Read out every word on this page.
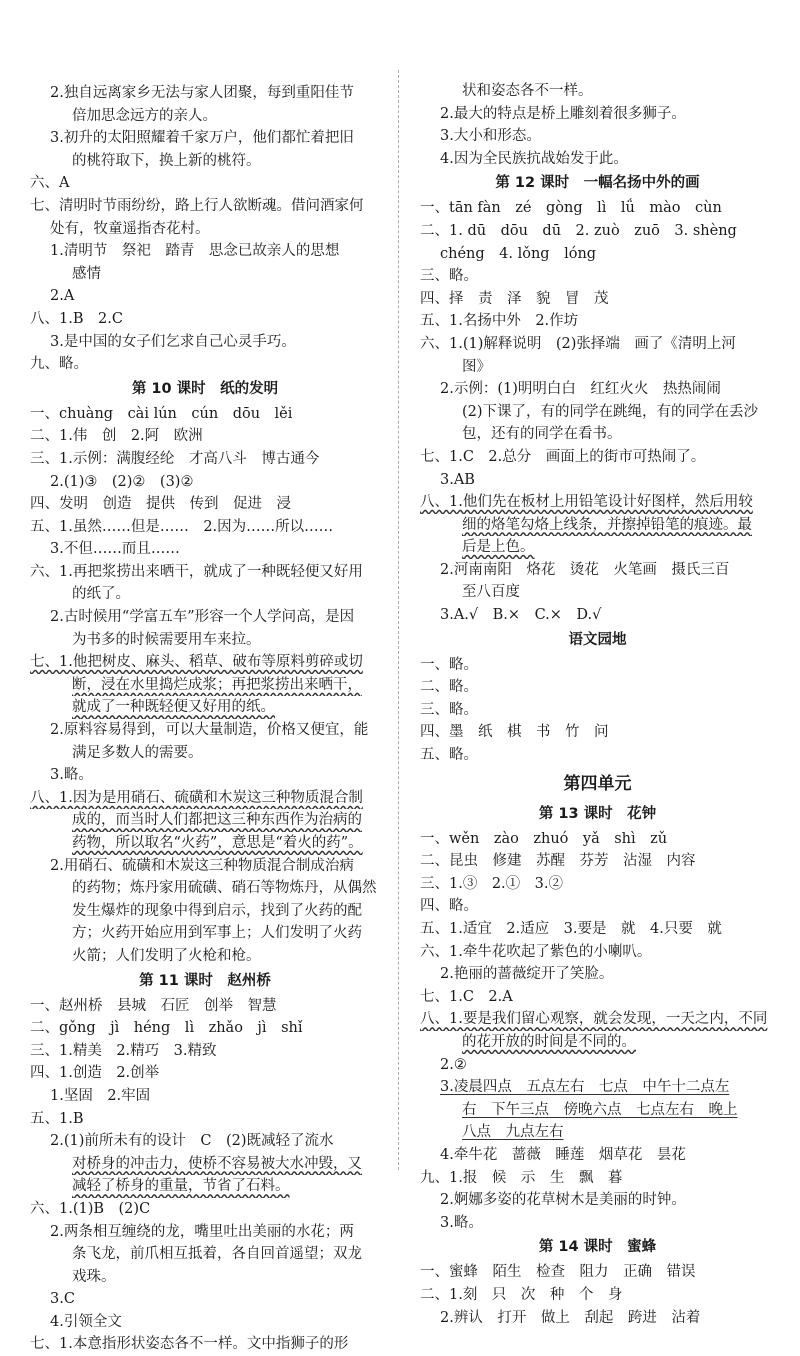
2.独自远离家乡无法与家人团聚，每到重阳佳节
倍加思念远方的亲人。
3.初升的太阳照耀着千家万户，他们都忙着把旧
的桃符取下，换上新的桃符。
六、A
七、清明时节雨纷纷，路上行人欲断魂。借问酒家何
处有，牧童遥指杏花村。
1.清明节　祭祀　踏青　思念已故亲人的思想
感情
2.A
八、1.B　2.C
3.是中国的女子们乞求自己心灵手巧。
九、略。
第 10 课时　纸的发明
一、chuàng　cài lún　cún　dōu　lěi
二、1.伟　创　2.阿　欧洲
三、1.示例：满腹经纶　才高八斗　博古通今
2.(1)③　(2)②　(3)②
四、发明　创造　提供　传到　促进　浸
五、1.虽然……但是……　2.因为……所以……
3.不但……而且……
六、1.再把浆捞出来晒干，就成了一种既轻便又好用
的纸了。
2.古时候用“学富五车”形容一个人学问高，是因
为书多的时候需要用车来拉。
七、1.他把树皮、麻头、稻草、破布等原料剪碎或切
断，浸在水里捣烂成浆；再把浆捞出来晒干，
就成了一种既轻便又好用的纸。
2.原料容易得到，可以大量制造，价格又便宜，能
满足多数人的需要。
3.略。
八、1.因为是用硝石、硫磺和木炭这三种物质混合制
成的，而当时人们都把这三种东西作为治病的
药物，所以取名“火药”，意思是“着火的药”。
2.用硝石、硫磺和木炭这三种物质混合制成治病
的药物；炼丹家用硫磺、硝石等物炼丹，从偶然
发生爆炸的现象中得到启示，找到了火药的配
方；火药开始应用到军事上；人们发明了火药
火箭；人们发明了火枪和枪。
第 11 课时　赵州桥
一、赵州桥　县城　石匠　创举　智慧
二、gǒng　jì　héng　lì　zhǎo　jì　shǐ
三、1.精美　2.精巧　3.精致
四、1.创造　2.创举
1.坚固　2.牢固
五、1.B
2.(1)前所未有的设计　C　(2)既减轻了流水
对桥身的冲击力，使桥不容易被大水冲毁，又
减轻了桥身的重量，节省了石料。
六、1.(1)B　(2)C
2.两条相互缠绕的龙，嘴里吐出美丽的水花；两
条飞龙，前爪相互抵着，各自回首遥望；双龙
戏珠。
3.C
4.引领全文
七、1.本意指形状姿态各不一样。文中指狮子的形
状和姿态各不一样。
2.最大的特点是桥上雕刻着很多狮子。
3.大小和形态。
4.因为全民族抗战始发于此。
第 12 课时　一幅名扬中外的画
一、tān fàn　zé　gòng　lì　lǘ　mào　cùn
二、1. dū　dōu　dū　2. zuò　zuō　3. shèng
chéng　4. lǒng　lóng
三、略。
四、择　责　泽　貌　冒　茂
五、1.名扬中外　2.作坊
六、1.(1)解释说明　(2)张择端　画了《清明上河
图》
2.示例：(1)明明白白　红红火火　热热闹闹
(2)下课了，有的同学在跳绳，有的同学在丢沙
包，还有的同学在看书。
七、1.C　2.总分　画面上的街市可热闹了。
3.AB
八、1.他们先在板材上用铅笔设计好图样，然后用较
细的烙笔勾烙上线条，并擦掉铅笔的痕迹。最
后是上色。
2.河南南阳　烙花　烫花　火笔画　摄氏三百
至八百度
3.A.√　B.×　C.×　D.√
语文园地
一、略。
二、略。
三、略。
四、墨　纸　棋　书　竹　问
五、略。
第四单元
第 13 课时　花钟
一、wěn　zào　zhuó　yǎ　shì　zǔ
二、昆虫　修建　苏醒　芬芳　沾湿　内容
三、1.③　2.①　3.②
四、略。
五、1.适宜　2.适应　3.要是　就　4.只要　就
六、1.牵牛花吹起了紫色的小喇叭。
2.艳丽的蔷薇绽开了笑脸。
七、1.C　2.A
八、1.要是我们留心观察，就会发现，一天之内，不同
的花开放的时间是不同的。
2.②
3.凌晨四点　五点左右　七点　中午十二点左
右　下午三点　傍晚六点　七点左右　晚上
八点　九点左右
4.牵牛花　蔷薇　睡莲　烟草花　昙花
九、1.报　候　示　生　飘　暮
2.婀娜多姿的花草树木是美丽的时钟。
3.略。
第 14 课时　蜜蜂
一、蜜蜂　陌生　检查　阻力　正确　错误
二、1.刻　只　次　种　个　身
2.辨认　打开　做上　刮起　跨进　沾着
